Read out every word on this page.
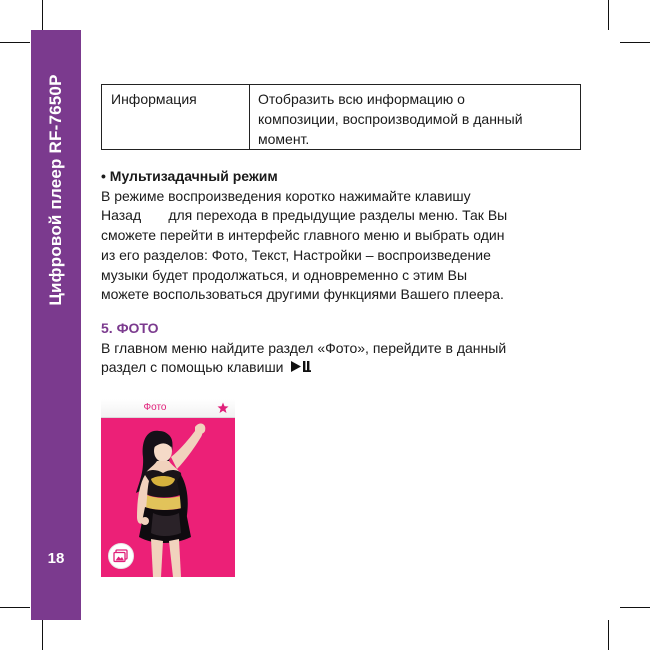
Цифровой плеер RF-7650P
18
Информация	Отобразить всю информацию о
композиции, воспроизводимой в данный
момент.
• Мультизадачный режим
В режиме воспроизведения коротко нажимайте клавишу
Назад       для перехода в предыдущие разделы меню. Так Вы
сможете перейти в интерфейс главного меню и выбрать один
из его разделов: Фото, Текст, Настройки – воспроизведение
музыки будет продолжаться, и одновременно с этим Вы
можете воспользоваться другими функциями Вашего плеера.
5. ФОТО
В главном меню найдите раздел «Фото», перейдите в данный
раздел с помощью клавиши
Фото
